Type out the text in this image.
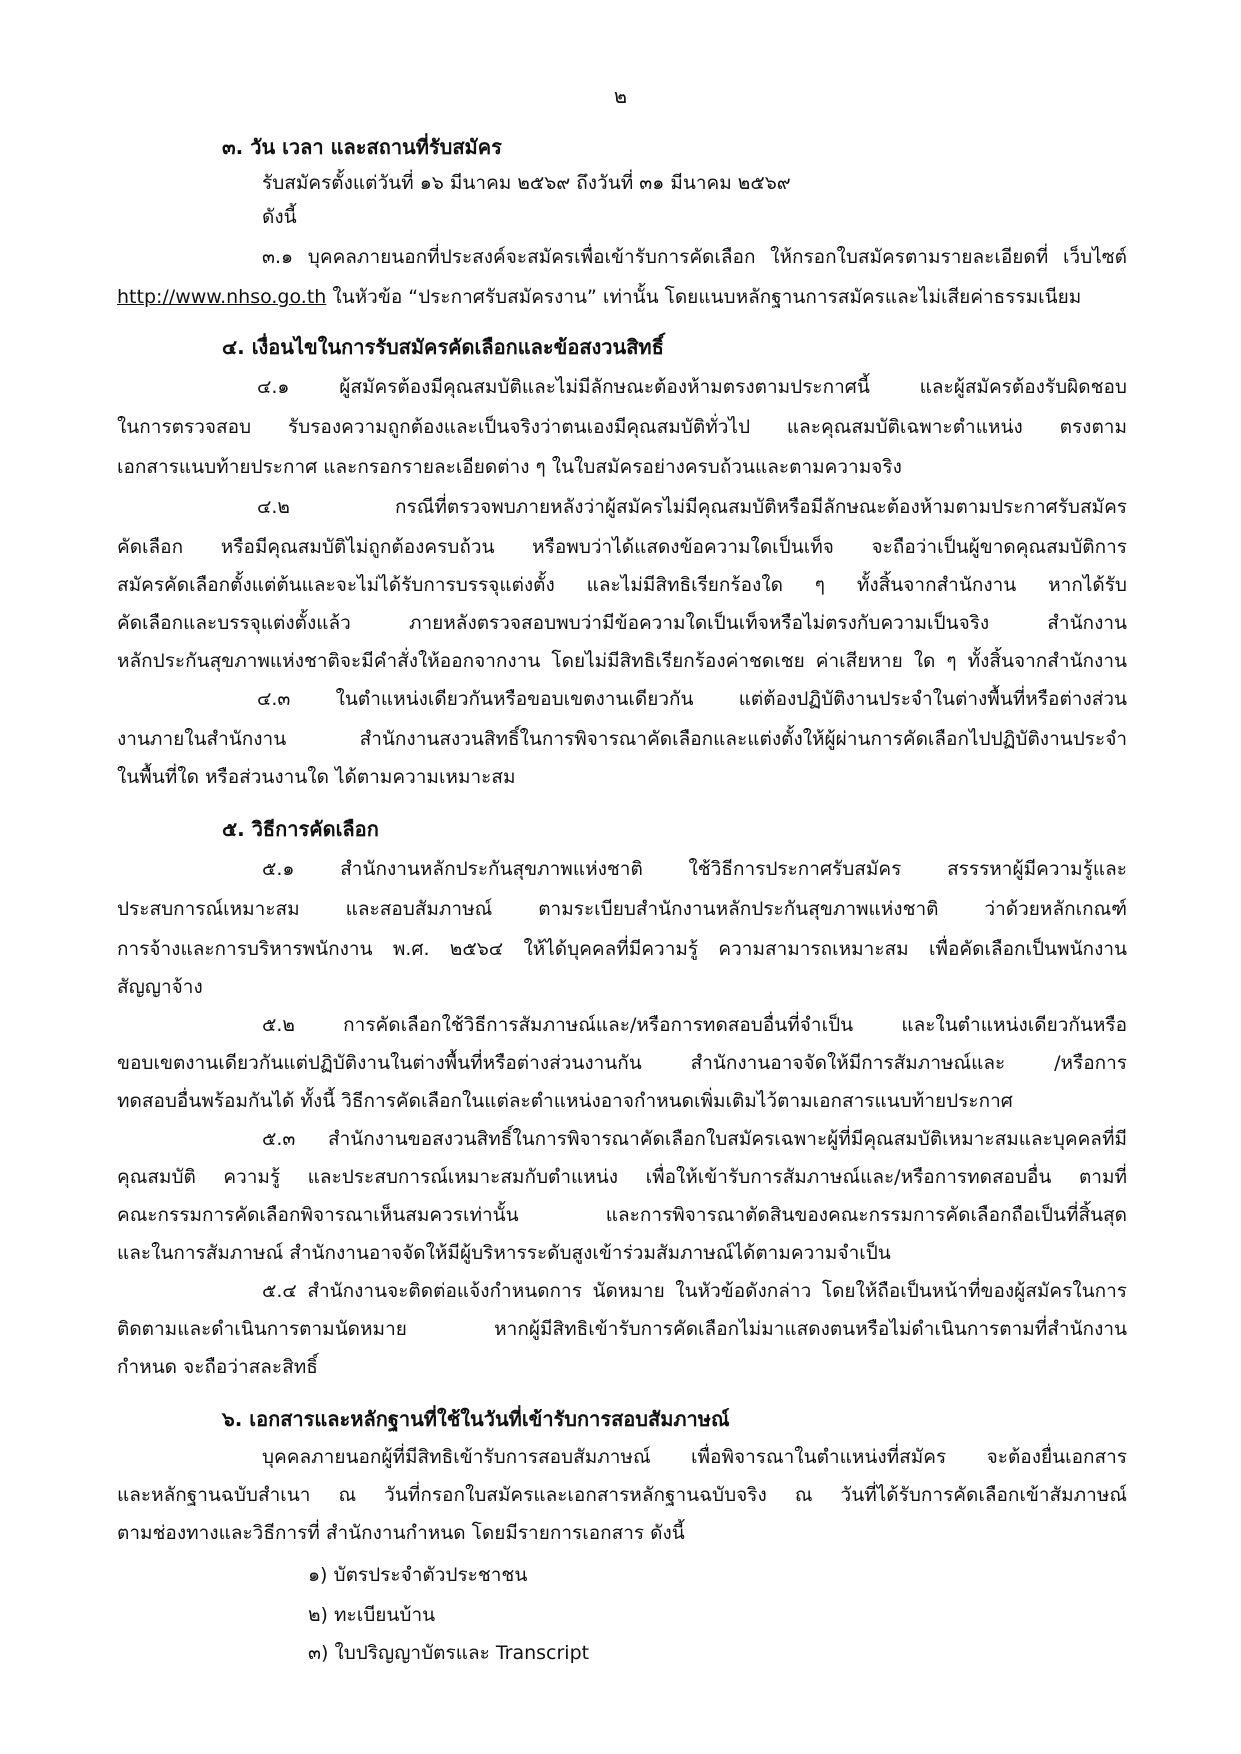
๒
๓. วัน เวลา และสถานที่รับสมัคร
รับสมัครตั้งแต่วันที่ ๑๖ มีนาคม ๒๕๖๙ ถึงวันที่ ๓๑ มีนาคม ๒๕๖๙
ดังนี้
๓.๑ บุคคลภายนอกที่ประสงค์จะสมัครเพื่อเข้ารับการคัดเลือก ให้กรอกใบสมัครตามรายละเอียดที่ เว็บไซต์
http://www.nhso.go.th ในหัวข้อ “ประกาศรับสมัครงาน” เท่านั้น โดยแนบหลักฐานการสมัครและไม่เสียค่าธรรมเนียม
๔. เงื่อนไขในการรับสมัครคัดเลือกและข้อสงวนสิทธิ์
๔.๑ ผู้สมัครต้องมีคุณสมบัติและไม่มีลักษณะต้องห้ามตรงตามประกาศนี้ และผู้สมัครต้องรับผิดชอบ
ในการตรวจสอบ รับรองความถูกต้องและเป็นจริงว่าตนเองมีคุณสมบัติทั่วไป และคุณสมบัติเฉพาะตำแหน่ง ตรงตาม
เอกสารแนบท้ายประกาศ และกรอกรายละเอียดต่าง ๆ ในใบสมัครอย่างครบถ้วนและตามความจริง
๔.๒ กรณีที่ตรวจพบภายหลังว่าผู้สมัครไม่มีคุณสมบัติหรือมีลักษณะต้องห้ามตามประกาศรับสมัคร
คัดเลือก หรือมีคุณสมบัติไม่ถูกต้องครบถ้วน หรือพบว่าได้แสดงข้อความใดเป็นเท็จ จะถือว่าเป็นผู้ขาดคุณสมบัติการ
สมัครคัดเลือกตั้งแต่ต้นและจะไม่ได้รับการบรรจุแต่งตั้ง และไม่มีสิทธิเรียกร้องใด ๆ ทั้งสิ้นจากสำนักงาน หากได้รับ
คัดเลือกและบรรจุแต่งตั้งแล้ว ภายหลังตรวจสอบพบว่ามีข้อความใดเป็นเท็จหรือไม่ตรงกับความเป็นจริง สำนักงาน
หลักประกันสุขภาพแห่งชาติจะมีคำสั่งให้ออกจากงาน โดยไม่มีสิทธิเรียกร้องค่าชดเชย ค่าเสียหาย ใด ๆ ทั้งสิ้นจากสำนักงาน
๔.๓ ในตำแหน่งเดียวกันหรือขอบเขตงานเดียวกัน แต่ต้องปฏิบัติงานประจำในต่างพื้นที่หรือต่างส่วน
งานภายในสำนักงาน สำนักงานสงวนสิทธิ์ในการพิจารณาคัดเลือกและแต่งตั้งให้ผู้ผ่านการคัดเลือกไปปฏิบัติงานประจำ
ในพื้นที่ใด หรือส่วนงานใด ได้ตามความเหมาะสม
๕. วิธีการคัดเลือก
๕.๑ สำนักงานหลักประกันสุขภาพแห่งชาติ ใช้วิธีการประกาศรับสมัคร สรรรหาผู้มีความรู้และ
ประสบการณ์เหมาะสม และสอบสัมภาษณ์ ตามระเบียบสำนักงานหลักประกันสุขภาพแห่งชาติ ว่าด้วยหลักเกณฑ์
การจ้างและการบริหารพนักงาน พ.ศ. ๒๕๖๔ ให้ได้บุคคลที่มีความรู้ ความสามารถเหมาะสม เพื่อคัดเลือกเป็นพนักงาน
สัญญาจ้าง
๕.๒ การคัดเลือกใช้วิธีการสัมภาษณ์และ/หรือการทดสอบอื่นที่จำเป็น และในตำแหน่งเดียวกันหรือ
ขอบเขตงานเดียวกันแต่ปฏิบัติงานในต่างพื้นที่หรือต่างส่วนงานกัน สำนักงานอาจจัดให้มีการสัมภาษณ์และ /หรือการ
ทดสอบอื่นพร้อมกันได้ ทั้งนี้ วิธีการคัดเลือกในแต่ละตำแหน่งอาจกำหนดเพิ่มเติมไว้ตามเอกสารแนบท้ายประกาศ
๕.๓ สำนักงานขอสงวนสิทธิ์ในการพิจารณาคัดเลือกใบสมัครเฉพาะผู้ที่มีคุณสมบัติเหมาะสมและบุคคลที่มี
คุณสมบัติ ความรู้ และประสบการณ์เหมาะสมกับตำแหน่ง เพื่อให้เข้ารับการสัมภาษณ์และ/หรือการทดสอบอื่น ตามที่
คณะกรรมการคัดเลือกพิจารณาเห็นสมควรเท่านั้น และการพิจารณาตัดสินของคณะกรรมการคัดเลือกถือเป็นที่สิ้นสุด
และในการสัมภาษณ์ สำนักงานอาจจัดให้มีผู้บริหารระดับสูงเข้าร่วมสัมภาษณ์ได้ตามความจำเป็น
๕.๔ สำนักงานจะติดต่อแจ้งกำหนดการ นัดหมาย ในหัวข้อดังกล่าว โดยให้ถือเป็นหน้าที่ของผู้สมัครในการ
ติดตามและดำเนินการตามนัดหมาย หากผู้มีสิทธิเข้ารับการคัดเลือกไม่มาแสดงตนหรือไม่ดำเนินการตามที่สำนักงาน
กำหนด จะถือว่าสละสิทธิ์
๖. เอกสารและหลักฐานที่ใช้ในวันที่เข้ารับการสอบสัมภาษณ์
บุคคลภายนอกผู้ที่มีสิทธิเข้ารับการสอบสัมภาษณ์ เพื่อพิจารณาในตำแหน่งที่สมัคร จะต้องยื่นเอกสาร
และหลักฐานฉบับสำเนา ณ วันที่กรอกใบสมัครและเอกสารหลักฐานฉบับจริง ณ วันที่ได้รับการคัดเลือกเข้าสัมภาษณ์
ตามช่องทางและวิธีการที่ สำนักงานกำหนด โดยมีรายการเอกสาร ดังนี้
๑) บัตรประจำตัวประชาชน
๒) ทะเบียนบ้าน
๓) ใบปริญญาบัตรและ Transcript
